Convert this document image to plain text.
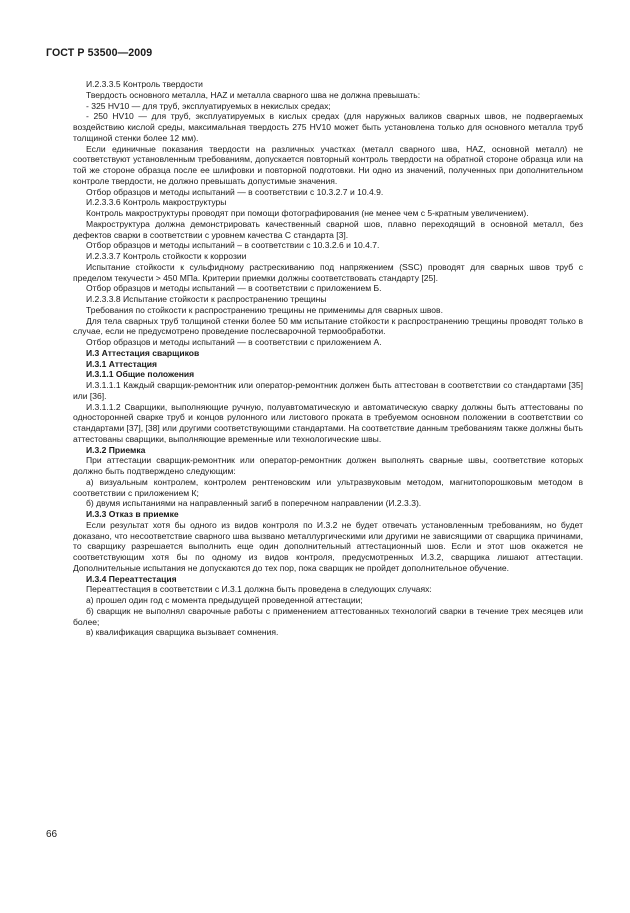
ГОСТ Р 53500—2009

И.2.3.3.5 Контроль твердости

Твердость основного металла, HAZ и металла сварного шва не должна превышать:

- 325 HV10 — для труб, эксплуатируемых в некислых средах;

- 250 HV10 — для труб, эксплуатируемых в кислых средах (для наружных валиков сварных швов, не подвергаемых воздействию кислой среды, максимальная твердость 275 HV10 может быть установлена только для основного металла труб толщиной стенки более 12 мм).

Если единичные показания твердости на различных участках (металл сварного шва, HAZ, основной металл) не соответствуют установленным требованиям, допускается повторный контроль твердости на обратной стороне образца или на той же стороне образца после ее шлифовки и повторной подготовки. Ни одно из значений, полученных при дополнительном контроле твердости, не должно превышать допустимые значения.

Отбор образцов и методы испытаний — в соответствии с 10.3.2.7 и 10.4.9.

И.2.3.3.6 Контроль макроструктуры

Контроль макроструктуры проводят при помощи фотографирования (не менее чем с 5-кратным увеличением).

Макроструктура должна демонстрировать качественный сварной шов, плавно переходящий в основной металл, без дефектов сварки в соответствии с уровнем качества С стандарта [3].

Отбор образцов и методы испытаний – в соответствии с 10.3.2.6 и 10.4.7.

И.2.3.3.7 Контроль стойкости к коррозии

Испытание стойкости к сульфидному растрескиванию под напряжением (SSC) проводят для сварных швов труб с пределом текучести > 450 МПа. Критерии приемки должны соответствовать стандарту [25].

Отбор образцов и методы испытаний — в соответствии с приложением Б.

И.2.3.3.8 Испытание стойкости к распространению трещины

Требования по стойкости к распространению трещины не применимы для сварных швов.

Для тела сварных труб толщиной стенки более 50 мм испытание стойкости к распространению трещины проводят только в случае, если не предусмотрено проведение послесварочной термообработки.

Отбор образцов и методы испытаний — в соответствии с приложением А.

И.3 Аттестация сварщиков

И.3.1 Аттестация

И.3.1.1 Общие положения

И.3.1.1.1 Каждый сварщик-ремонтник или оператор-ремонтник должен быть аттестован в соответствии со стандартами [35] или [36].

И.3.1.1.2 Сварщики, выполняющие ручную, полуавтоматическую и автоматическую сварку должны быть аттестованы по односторонней сварке труб и концов рулонного или листового проката в требуемом основном положении в соответствии со стандартами [37], [38] или другими соответствующими стандартами. На соответствие данным требованиям также должны быть аттестованы сварщики, выполняющие временные или технологические швы.

И.3.2 Приемка

При аттестации сварщик-ремонтник или оператор-ремонтник должен выполнять сварные швы, соответствие которых должно быть подтверждено следующим:

а) визуальным контролем, контролем рентгеновским или ультразвуковым методом, магнитопорошковым методом в соответствии с приложением К;

б) двумя испытаниями на направленный загиб в поперечном направлении (И.2.3.3).

И.3.3 Отказ в приемке

Если результат хотя бы одного из видов контроля по И.3.2 не будет отвечать установленным требованиям, но будет доказано, что несоответствие сварного шва вызвано металлургическими или другими не зависящими от сварщика причинами, то сварщику разрешается выполнить еще один дополнительный аттестационный шов. Если и этот шов окажется не соответствующим хотя бы по одному из видов контроля, предусмотренных И.3.2, сварщика лишают аттестации. Дополнительные испытания не допускаются до тех пор, пока сварщик не пройдет дополнительное обучение.

И.3.4 Переаттестация

Переаттестация в соответствии с И.3.1 должна быть проведена в следующих случаях:

а) прошел один год с момента предыдущей проведенной аттестации;

б) сварщик не выполнял сварочные работы с применением аттестованных технологий сварки в течение трех месяцев или более;

в) квалификация сварщика вызывает сомнения.

66
